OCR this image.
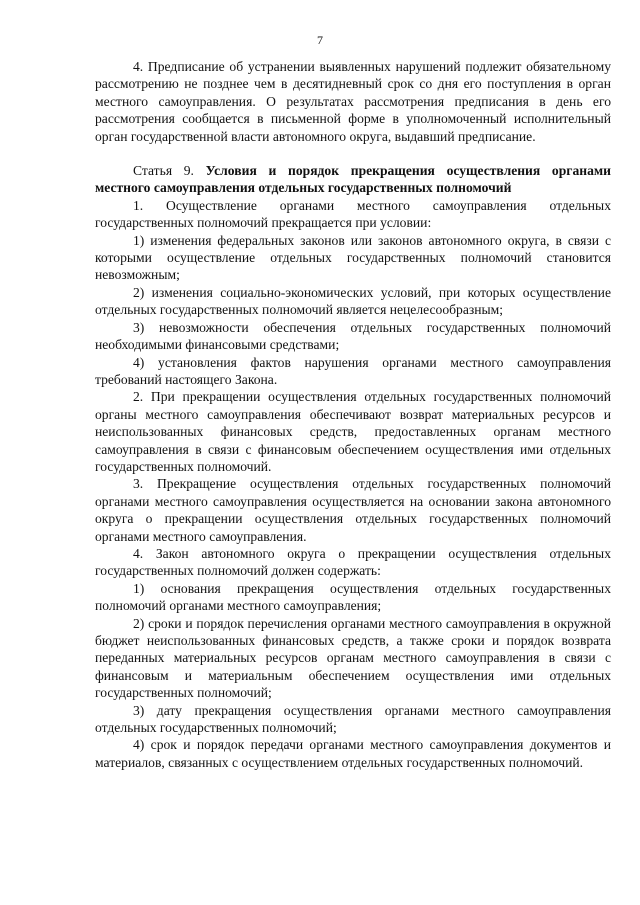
7

4. Предписание об устранении выявленных нарушений подлежит обязательному рассмотрению не позднее чем в десятидневный срок со дня его поступления в орган местного самоуправления. О результатах рассмотрения предписания в день его рассмотрения сообщается в письменной форме в уполномоченный исполнительный орган государственной власти автономного округа, выдавший предписание.

Статья 9. Условия и порядок прекращения осуществления органами местного самоуправления отдельных государственных полномочий

1. Осуществление органами местного самоуправления отдельных государственных полномочий прекращается при условии:

1) изменения федеральных законов или законов автономного округа, в связи с которыми осуществление отдельных государственных полномочий становится невозможным;

2) изменения социально-экономических условий, при которых осуществление отдельных государственных полномочий является нецелесообразным;

3) невозможности обеспечения отдельных государственных полномочий необходимыми финансовыми средствами;

4) установления фактов нарушения органами местного самоуправления требований настоящего Закона.

2. При прекращении осуществления отдельных государственных полномочий органы местного самоуправления обеспечивают возврат материальных ресурсов и неиспользованных финансовых средств, предоставленных органам местного самоуправления в связи с финансовым обеспечением осуществления ими отдельных государственных полномочий.

3. Прекращение осуществления отдельных государственных полномочий органами местного самоуправления осуществляется на основании закона автономного округа о прекращении осуществления отдельных государственных полномочий органами местного самоуправления.

4. Закон автономного округа о прекращении осуществления отдельных государственных полномочий должен содержать:

1) основания прекращения осуществления отдельных государственных полномочий органами местного самоуправления;

2) сроки и порядок перечисления органами местного самоуправления в окружной бюджет неиспользованных финансовых средств, а также сроки и порядок возврата переданных материальных ресурсов органам местного самоуправления в связи с финансовым и материальным обеспечением осуществления ими отдельных государственных полномочий;

3) дату прекращения осуществления органами местного самоуправления отдельных государственных полномочий;

4) срок и порядок передачи органами местного самоуправления документов и материалов, связанных с осуществлением отдельных государственных полномочий.
